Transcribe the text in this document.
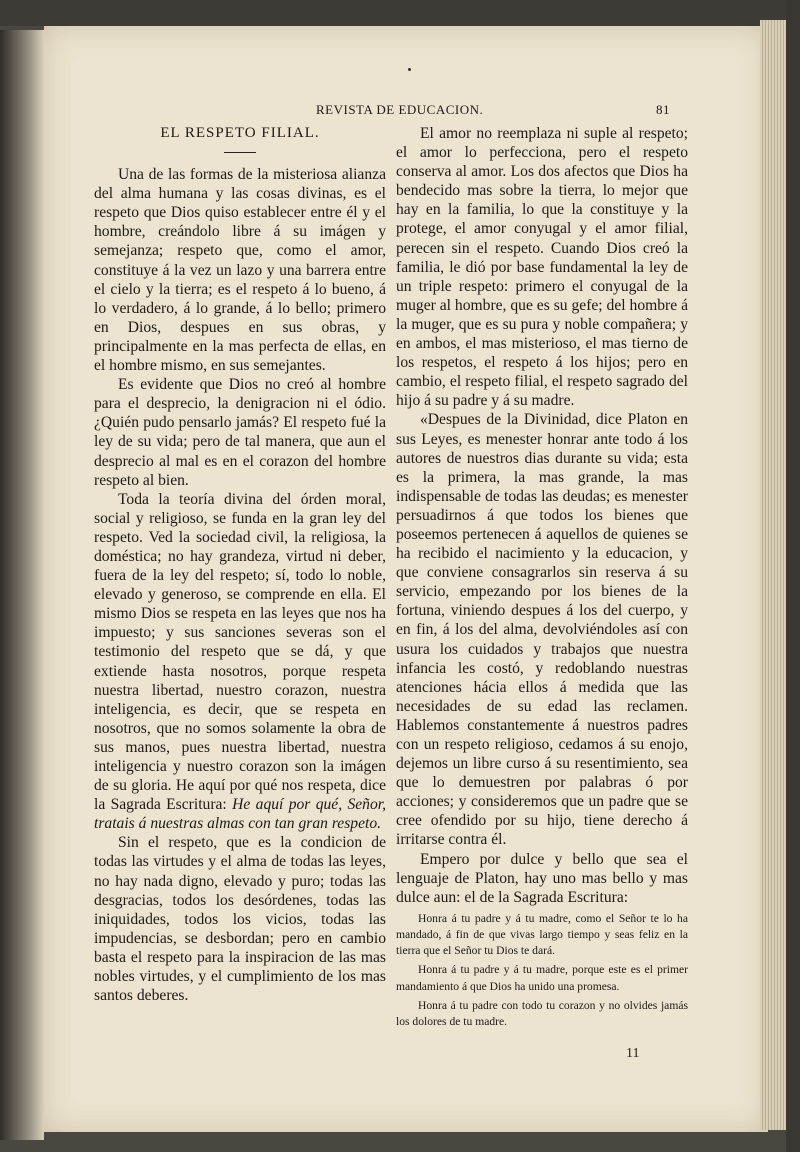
REVISTA DE EDUCACION.	81

EL RESPETO FILIAL.

Una de las formas de la misteriosa alianza del alma humana y las cosas divinas, es el respeto que Dios quiso establecer entre él y el hombre, creándolo libre á su imágen y semejanza; respeto que, como el amor, constituye á la vez un lazo y una barrera entre el cielo y la tierra; es el respeto á lo bueno, á lo verdadero, á lo grande, á lo bello; primero en Dios, despues en sus obras, y principalmente en la mas perfecta de ellas, en el hombre mismo, en sus semejantes.

Es evidente que Dios no creó al hombre para el desprecio, la denigracion ni el ódio. ¿Quién pudo pensarlo jamás? El respeto fué la ley de su vida; pero de tal manera, que aun el desprecio al mal es en el corazon del hombre respeto al bien.

Toda la teoría divina del órden moral, social y religioso, se funda en la gran ley del respeto. Ved la sociedad civil, la religiosa, la doméstica; no hay grandeza, virtud ni deber, fuera de la ley del respeto; sí, todo lo noble, elevado y generoso, se comprende en ella. El mismo Dios se respeta en las leyes que nos ha impuesto; y sus sanciones severas son el testimonio del respeto que se dá, y que extiende hasta nosotros, porque respeta nuestra libertad, nuestro corazon, nuestra inteligencia, es decir, que se respeta en nosotros, que no somos solamente la obra de sus manos, pues nuestra libertad, nuestra inteligencia y nuestro corazon son la imágen de su gloria. He aquí por qué nos respeta, dice la Sagrada Escritura: He aquí por qué, Señor, tratais á nuestras almas con tan gran respeto.

Sin el respeto, que es la condicion de todas las virtudes y el alma de todas las leyes, no hay nada digno, elevado y puro; todas las desgracias, todos los desórdenes, todas las iniquidades, todos los vicios, todas las impudencias, se desbordan; pero en cambio basta el respeto para la inspiracion de las mas nobles virtudes, y el cumplimiento de los mas santos deberes.

El amor no reemplaza ni suple al respeto; el amor lo perfecciona, pero el respeto conserva al amor. Los dos afectos que Dios ha bendecido mas sobre la tierra, lo mejor que hay en la familia, lo que la constituye y la protege, el amor conyugal y el amor filial, perecen sin el respeto. Cuando Dios creó la familia, le dió por base fundamental la ley de un triple respeto: primero el conyugal de la muger al hombre, que es su gefe; del hombre á la muger, que es su pura y noble compañera; y en ambos, el mas misterioso, el mas tierno de los respetos, el respeto á los hijos; pero en cambio, el respeto filial, el respeto sagrado del hijo á su padre y á su madre.

«Despues de la Divinidad, dice Platon en sus Leyes, es menester honrar ante todo á los autores de nuestros dias durante su vida; esta es la primera, la mas grande, la mas indispensable de todas las deudas; es menester persuadirnos á que todos los bienes que poseemos pertenecen á aquellos de quienes se ha recibido el nacimiento y la educacion, y que conviene consagrarlos sin reserva á su servicio, empezando por los bienes de la fortuna, viniendo despues á los del cuerpo, y en fin, á los del alma, devolviéndoles así con usura los cuidados y trabajos que nuestra infancia les costó, y redoblando nuestras atenciones hácia ellos á medida que las necesidades de su edad las reclamen. Hablemos constantemente á nuestros padres con un respeto religioso, cedamos á su enojo, dejemos un libre curso á su resentimiento, sea que lo demuestren por palabras ó por acciones; y consideremos que un padre que se cree ofendido por su hijo, tiene derecho á irritarse contra él.

Empero por dulce y bello que sea el lenguaje de Platon, hay uno mas bello y mas dulce aun: el de la Sagrada Escritura:

Honra á tu padre y á tu madre, como el Señor te lo ha mandado, á fin de que vivas largo tiempo y seas feliz en la tierra que el Señor tu Dios te dará.

Honra á tu padre y á tu madre, porque este es el primer mandamiento á que Dios ha unido una promesa.

Honra á tu padre con todo tu corazon y no olvides jamás los dolores de tu madre.

11
